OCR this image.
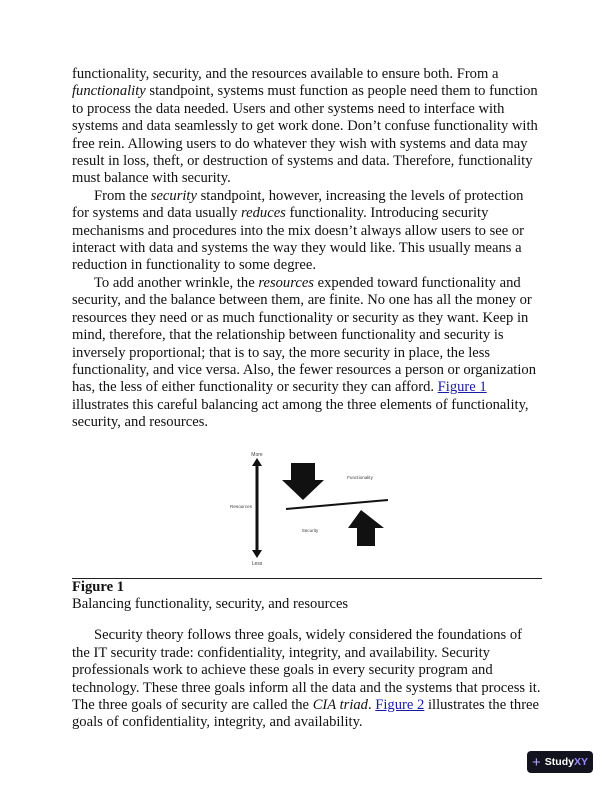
functionality, security, and the resources available to ensure both. From a functionality standpoint, systems must function as people need them to function to process the data needed. Users and other systems need to interface with systems and data seamlessly to get work done. Don’t confuse functionality with free rein. Allowing users to do whatever they wish with systems and data may result in loss, theft, or destruction of systems and data. Therefore, functionality must balance with security.

From the security standpoint, however, increasing the levels of protection for systems and data usually reduces functionality. Introducing security mechanisms and procedures into the mix doesn’t always allow users to see or interact with data and systems the way they would like. This usually means a reduction in functionality to some degree.

To add another wrinkle, the resources expended toward functionality and security, and the balance between them, are finite. No one has all the money or resources they need or as much functionality or security as they want. Keep in mind, therefore, that the relationship between functionality and security is inversely proportional; that is to say, the more security in place, the less functionality, and vice versa. Also, the fewer resources a person or organization has, the less of either functionality or security they can afford. Figure 1 illustrates this careful balancing act among the three elements of functionality, security, and resources.

More
Less
Resources
Functionality
Security

Figure 1

Balancing functionality, security, and resources

Security theory follows three goals, widely considered the foundations of the IT security trade: confidentiality, integrity, and availability. Security professionals work to achieve these goals in every security program and technology. These three goals inform all the data and the systems that process it. The three goals of security are called the CIA triad. Figure 2 illustrates the three goals of confidentiality, integrity, and availability.

+ StudyXY
